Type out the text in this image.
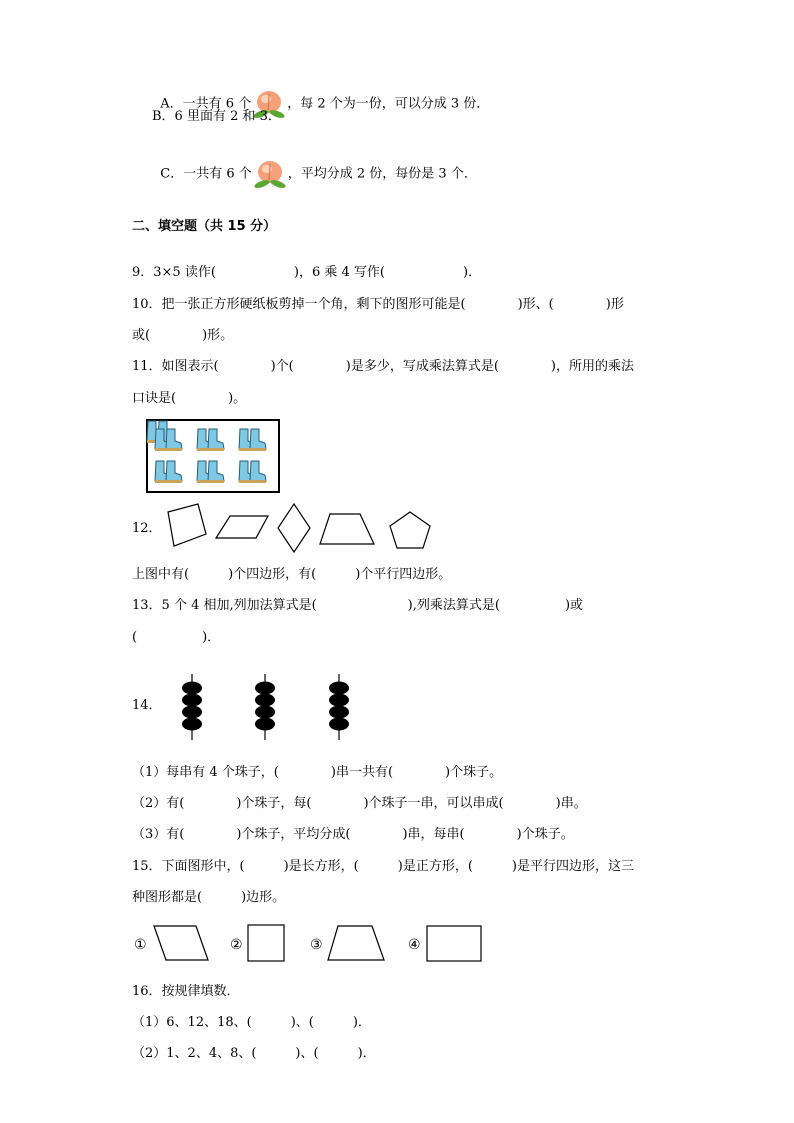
A．一共有 6 个	，每 2 个为一份，可以分成 3 份．

B．6 里面有 2 和 3．

C．一共有 6 个	，平均分成 2 份，每份是 3 个．

二、填空题（共 15 分）
9．3×5 读作(　　　　　　)，6 乘 4 写作(　　　　　　)．
10．把一张正方形硬纸板剪掉一个角，剩下的图形可能是(　　　　)形、(　　　　)形
或(　　　　)形。
11．如图表示(　　　　)个(　　　　)是多少，写成乘法算式是(　　　　)，所用的乘法
口诀是(　　　　)。
12．
上图中有(　　　)个四边形，有(　　　)个平行四边形。
13．5 个 4 相加,列加法算式是(　　　　　　　),列乘法算式是(　　　　　)或
(　　　　　)．
14．
（1）每串有 4 个珠子，(　　　　)串一共有(　　　　)个珠子。
（2）有(　　　　)个珠子，每(　　　　)个珠子一串，可以串成(　　　　)串。
（3）有(　　　　)个珠子，平均分成(　　　　)串，每串(　　　　)个珠子。
15．下面图形中，(　　　)是长方形，(　　　)是正方形，(　　　)是平行四边形，这三
种图形都是(　　　)边形。
①	②	③	④
16．按规律填数．
（1）6、12、18、(　　　)、(　　　)．
（2）1、2、4、8、(　　　)、(　　　)．
